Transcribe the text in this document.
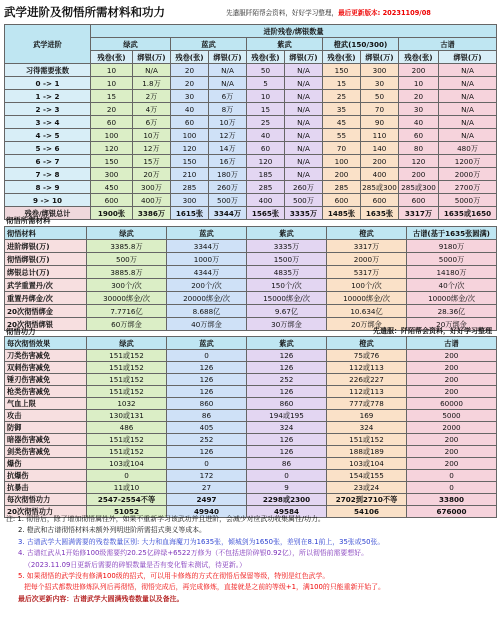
武学进阶及彻悟所需材料和功力	先遣服阡陌帮会资料，好好学习整理，最后更新版本: 20231109/08
武学进阶	进阶残卷/绑银数量										
	绿武		蓝武		紫武		橙武(150/300)		古谱		
	残卷(张)	绑银(万)	残卷(张)	绑银(万)	残卷(张)	绑银(万)	残卷(张)	绑银(万)	残卷(张)	绑银(万)	
习得需要张数	10	N/A	20	N/A	50	N/A	150	300	200	N/A	
0 -> 1	10	1.8万	20	N/A	5	N/A	15	30	10	N/A	
1 -> 2	15	2万	30	6万	10	N/A	25	50	20	N/A	
2 -> 3	20	4万	40	8万	15	N/A	35	70	30	N/A	
3 -> 4	60	6万	60	10万	25	N/A	45	90	40	N/A	
4 -> 5	100	10万	100	12万	40	N/A	55	110	60	N/A	
5 -> 6	120	12万	120	14万	60	N/A	70	140	80	480万	
6 -> 7	150	15万	150	16万	120	N/A	100	200	120	1200万	
7 -> 8	300	20万	210	180万	185	N/A	200	400	200	2000万	
8 -> 9	450	300万	285	260万	285	260万	285	285或300	285或300	2700万	
9 -> 10	600	400万	300	500万	400	500万	600	600	600	5000万	
残卷/绑银总计	1900张	3386万	1615张	3344万	1565张	3335万	1485张	1635张	3317万	1635或1650	
彻悟所需材料
彻悟材料	绿武	蓝武	紫武	橙武	古谱(基于1635张圆满)
进阶绑银(万)	3385.8万	3344万	3335万	3317万	9180万
彻悟绑银(万)	500万	1000万	1500万	2000万	5000万
绑银总计(万)	3885.8万	4344万	4835万	5317万	14180万
武学重置丹/次	300个/次	200个/次	150个/次	100个/次	40个/次
重置丹绑金/次	30000绑金/次	20000绑金/次	15000绑金/次	10000绑金/次	10000绑金/次
20次彻悟绑金	7.7716亿	8.688亿	9.67亿	10.634亿	28.36亿
20次彻悟绑银	60万绑金	40万绑金	30万绑金	20万绑金	20万绑金
彻悟功力	先遣服：阡陌帮会资料，好好学习整理
每次彻悟效果	绿武	蓝武	紫武	橙武	古谱
刀类伤害减免	151或152	0	126	75或76	200
双刺伤害减免	151或152	126	126	112或113	200
锤刃伤害减免	151或152	126	252	226或227	200
枪类伤害减免	151或152	126	126	112或113	200
气血上限	1032	860	860	777或778	60000
攻击	130或131	86	194或195	169	5000
防御	486	405	324	324	2000
暗器伤害减免	151或152	252	126	151或152	200
剑类伤害减免	151或152	126	126	188或189	200
爆伤	103或104	0	86	103或104	200
抗爆伤	0	172	0	154或155	0
抗暴击	11或10	27	9	23或24	0
每次彻悟功力	2547-2554不等	2497	2298或2300	2702到2710不等	33800
20次彻悟功力	51052	49940	49584	54106	676000
注: 1. 彻悟后，除了增加彻悟属性外，如果不重新学习该武功并且进阶，会减少对应武功收集属性/功力。
2. 橙武和古谱彻悟材料未额外列明进阶所需招式奥义等成本。
3. 古谱武学大圆满需要的残卷数量区别: 大力和血海魔刀为1635张，倾城剑为1650张，差别在8.1前上，35张或50张。
4. 古谱红武从1开始修100级需要约20.25亿碎绿+6522万修为（不包括进阶碎银0.92亿），所以彻悟前需要想好。
（2023.11.09日更新后需要的碎银数量是否有变化暂未测试，待更新。）
5. 如果彻悟的武学没有修满100级的招式，可以用卡修炼的方式在彻悟后保留等级，特别是红色武学。
把每个招式都数进修炼队列后再彻悟，彻悟完成后，再完成修炼，直接就是之前的等级+1，满100的只能重新开始了。
最后次更新内容：古谱武学大圆满残卷数量以及备注。
